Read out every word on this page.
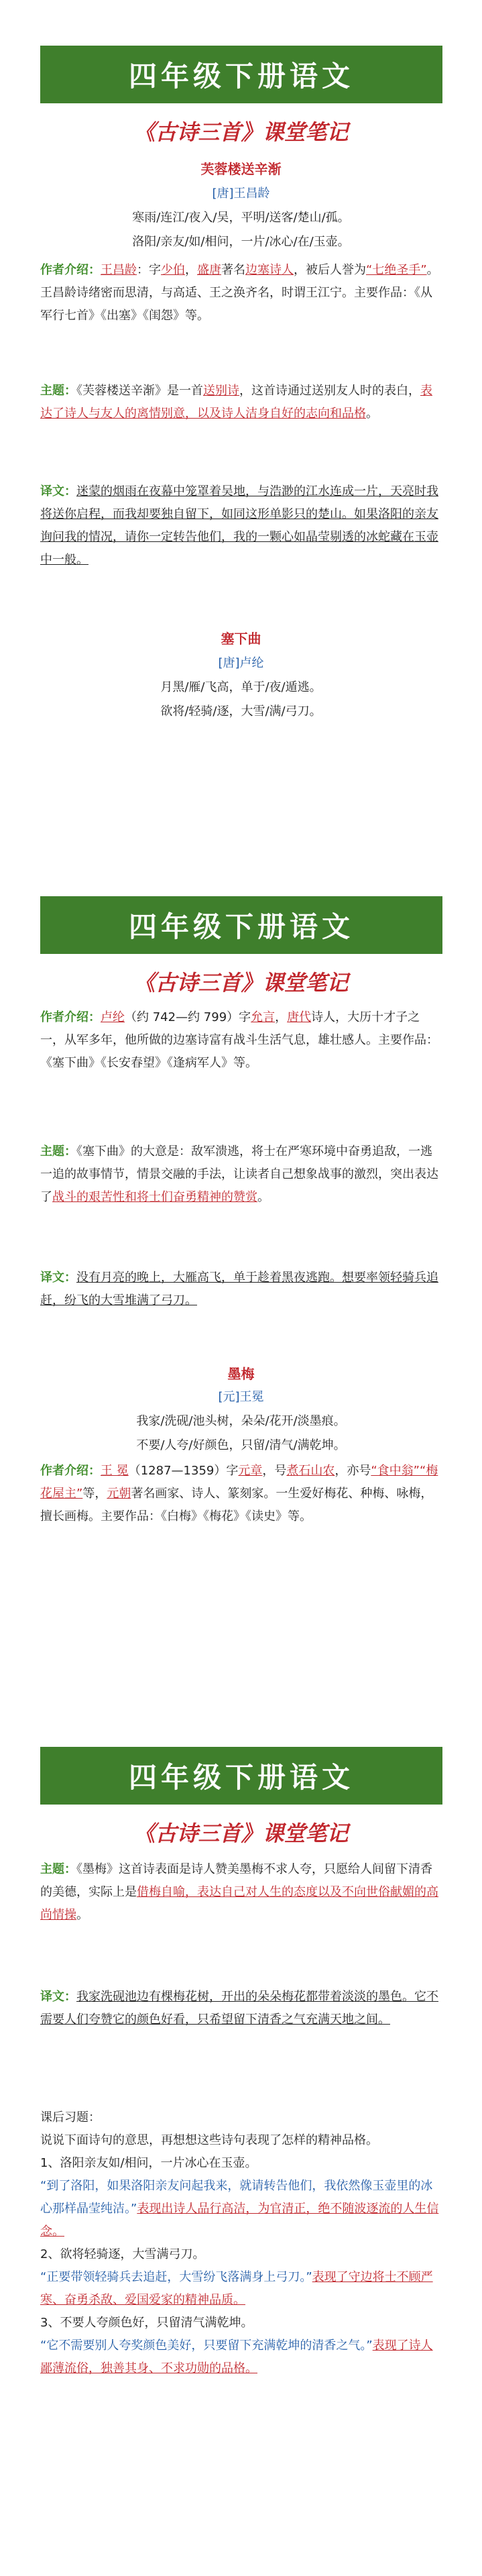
四年级下册语文
《古诗三首》课堂笔记
芙蓉楼送辛渐
[唐]王昌龄
寒雨/连江/夜入/吴，平明/送客/楚山/孤。
洛阳/亲友/如/相问，一片/冰心/在/玉壶。
作者介绍：王昌龄：字少伯，盛唐著名边塞诗人，被后人誉为“七绝圣手”。王昌龄诗绪密而思清，与高适、王之涣齐名，时谓王江宁。主要作品：《从军行七首》《出塞》《闺怨》等。
主题：《芙蓉楼送辛渐》是一首送别诗，这首诗通过送别友人时的表白，表达了诗人与友人的离情别意，以及诗人洁身自好的志向和品格。
译文：迷蒙的烟雨在夜幕中笼罩着吴地，与浩渺的江水连成一片，天亮时我将送你启程，而我却要独自留下，如同这形单影只的楚山。如果洛阳的亲友询问我的情况，请你一定转告他们，我的一颗心如晶莹剔透的冰蛇藏在玉壶中一般。
塞下曲
[唐]卢纶
月黑/雁/飞高，单于/夜/遁逃。
欲将/轻骑/逐，大雪/满/弓刀。
四年级下册语文
《古诗三首》课堂笔记
作者介绍：卢纶（约 742—约 799）字允言，唐代诗人，大历十才子之一，从军多年，他所做的边塞诗富有战斗生活气息，雄壮感人。主要作品：《塞下曲》《长安春望》《逢病军人》等。
主题：《塞下曲》的大意是：敌军溃逃，将士在严寒环境中奋勇追敌，一逃一追的故事情节，情景交融的手法，让读者自己想象战事的激烈，突出表达了战斗的艰苦性和将士们奋勇精神的赞赏。
译文：没有月亮的晚上，大雁高飞，单于趁着黑夜逃跑。想要率领轻骑兵追赶，纷飞的大雪堆满了弓刀。
墨梅
[元]王冕
我家/洗砚/池头树，朵朵/花开/淡墨痕。
不要/人夸/好颜色，只留/清气/满乾坤。
作者介绍：王 冕（1287—1359）字元章，号煮石山农，亦号“食中翁”“梅花屋主”等，元朝著名画家、诗人、篆刻家。一生爱好梅花、种梅、咏梅，擅长画梅。主要作品：《白梅》《梅花》《读史》等。
四年级下册语文
《古诗三首》课堂笔记
主题：《墨梅》这首诗表面是诗人赞美墨梅不求人夸，只愿给人间留下清香的美德，实际上是借梅自喻，表达自己对人生的态度以及不向世俗献媚的高尚情操。
译文：我家洗砚池边有棵梅花树，开出的朵朵梅花都带着淡淡的墨色。它不需要人们夸赞它的颜色好看，只希望留下清香之气充满天地之间。
课后习题：
说说下面诗句的意思，再想想这些诗句表现了怎样的精神品格。
1、洛阳亲友如/相问，一片冰心在玉壶。
“到了洛阳，如果洛阳亲友问起我来，就请转告他们，我依然像玉壶里的冰心那样晶莹纯洁。”表现出诗人品行高洁，为官清正，绝不随波逐流的人生信念。
2、欲将轻骑逐，大雪满弓刀。
“正要带领轻骑兵去追赶，大雪纷飞落满身上弓刀。”表现了守边将士不顾严寒、奋勇杀敌、爱国爱家的精神品质。
3、不要人夸颜色好，只留清气满乾坤。
“它不需要别人夸奖颜色美好，只要留下充满乾坤的清香之气。”表现了诗人鄙薄流俗，独善其身、不求功勋的品格。
